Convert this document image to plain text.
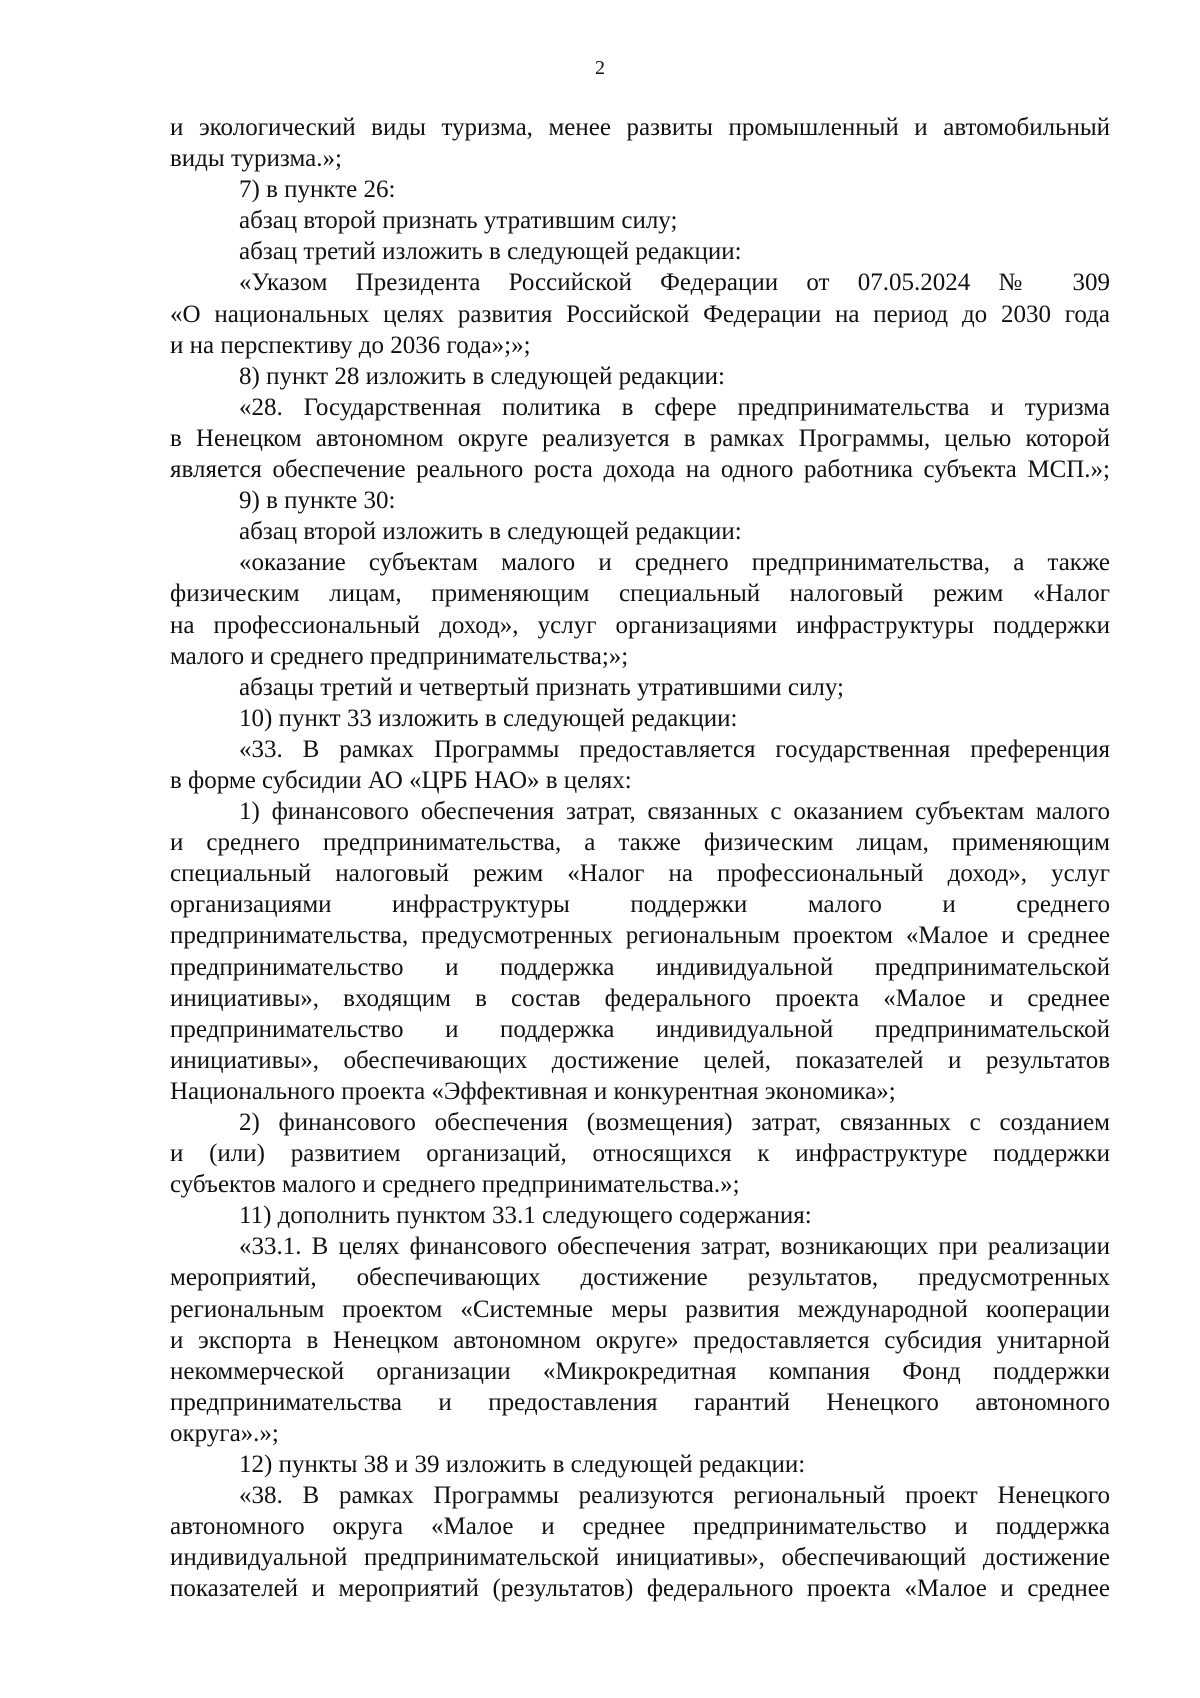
2
и экологический виды туризма, менее развиты промышленный и автомобильный
виды туризма.»;
7) в пункте 26:
абзац второй признать утратившим силу;
абзац третий изложить в следующей редакции:
«Указом Президента Российской Федерации от 07.05.2024 № 309
«О национальных целях развития Российской Федерации на период до 2030 года
и на перспективу до 2036 года»;»;
8) пункт 28 изложить в следующей редакции:
«28. Государственная политика в сфере предпринимательства и туризма
в Ненецком автономном округе реализуется в рамках Программы, целью которой
является обеспечение реального роста дохода на одного работника субъекта МСП.»;
9) в пункте 30:
абзац второй изложить в следующей редакции:
«оказание субъектам малого и среднего предпринимательства, а также
физическим лицам, применяющим специальный налоговый режим «Налог
на профессиональный доход», услуг организациями инфраструктуры поддержки
малого и среднего предпринимательства;»;
абзацы третий и четвертый признать утратившими силу;
10) пункт 33 изложить в следующей редакции:
«33. В рамках Программы предоставляется государственная преференция
в форме субсидии АО «ЦРБ НАО» в целях:
1) финансового обеспечения затрат, связанных с оказанием субъектам малого
и среднего предпринимательства, а также физическим лицам, применяющим
специальный налоговый режим «Налог на профессиональный доход», услуг
организациями инфраструктуры поддержки малого и среднего
предпринимательства, предусмотренных региональным проектом «Малое и среднее
предпринимательство и поддержка индивидуальной предпринимательской
инициативы», входящим в состав федерального проекта «Малое и среднее
предпринимательство и поддержка индивидуальной предпринимательской
инициативы», обеспечивающих достижение целей, показателей и результатов
Национального проекта «Эффективная и конкурентная экономика»;
2) финансового обеспечения (возмещения) затрат, связанных с созданием
и (или) развитием организаций, относящихся к инфраструктуре поддержки
субъектов малого и среднего предпринимательства.»;
11) дополнить пунктом 33.1 следующего содержания:
«33.1. В целях финансового обеспечения затрат, возникающих при реализации
мероприятий, обеспечивающих достижение результатов, предусмотренных
региональным проектом «Системные меры развития международной кооперации
и экспорта в Ненецком автономном округе» предоставляется субсидия унитарной
некоммерческой организации «Микрокредитная компания Фонд поддержки
предпринимательства и предоставления гарантий Ненецкого автономного
округа».»;
12) пункты 38 и 39 изложить в следующей редакции:
«38. В рамках Программы реализуются региональный проект Ненецкого
автономного округа «Малое и среднее предпринимательство и поддержка
индивидуальной предпринимательской инициативы», обеспечивающий достижение
показателей и мероприятий (результатов) федерального проекта «Малое и среднее
